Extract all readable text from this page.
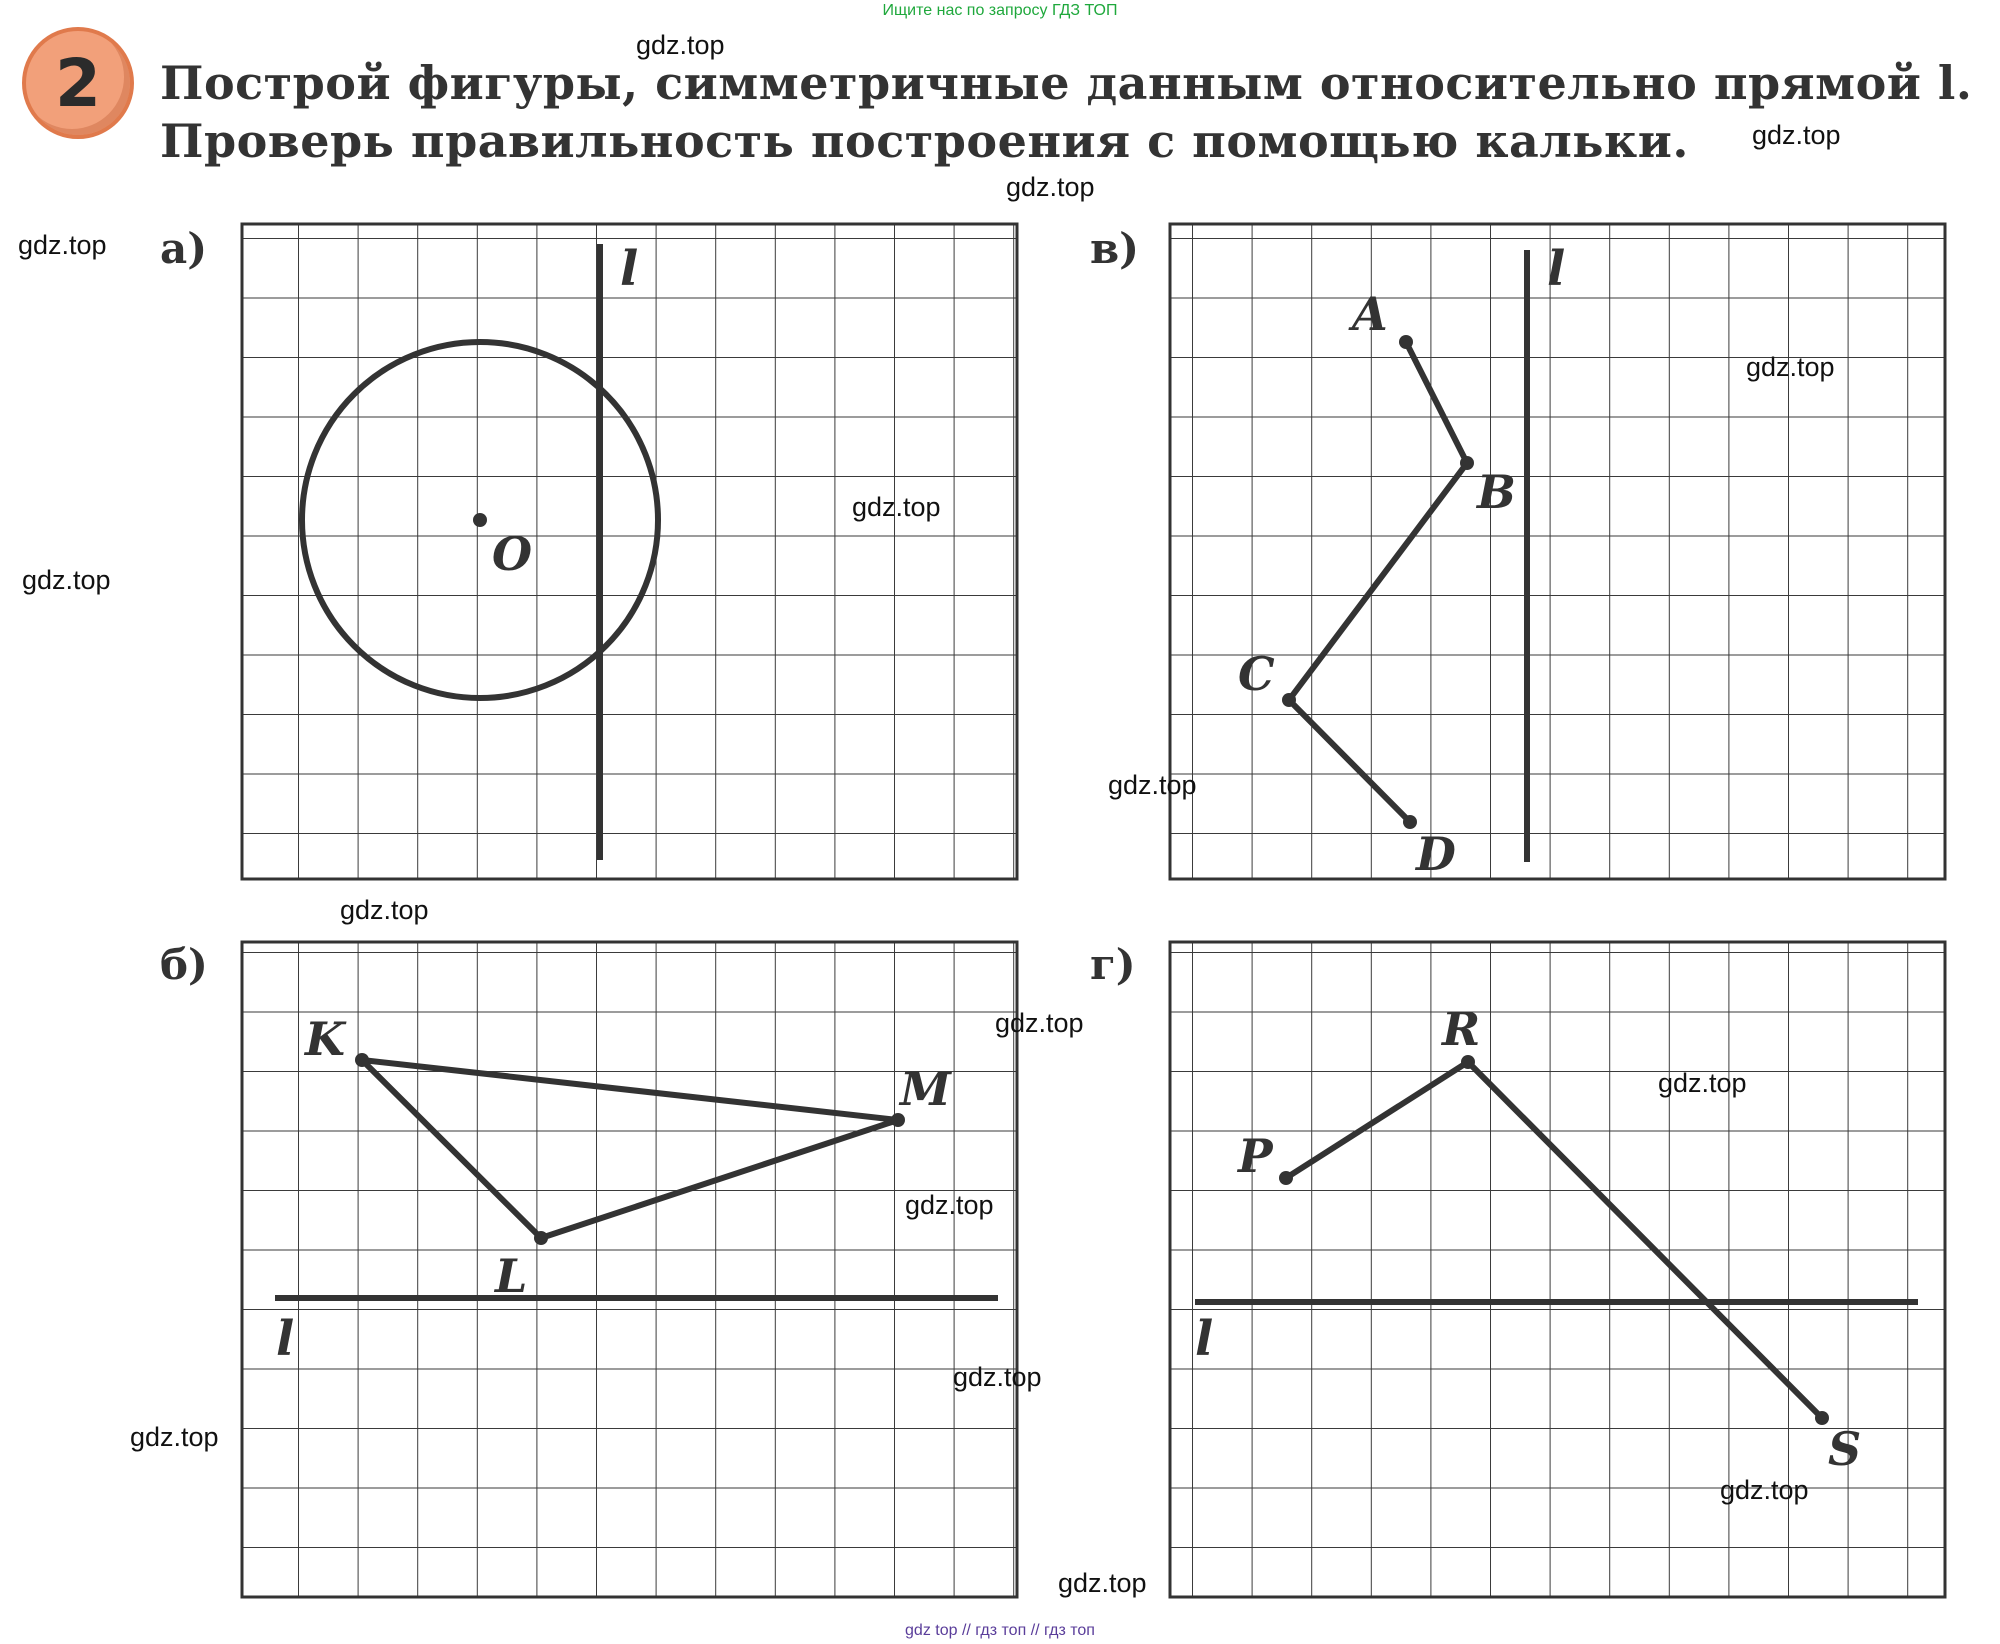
Ищите нас по запросу ГДЗ ТОП
2	Построй фигуры, симметричные данным относительно прямой l.
Проверь правильность построения с помощью кальки.
а)	в)
б)	г)
l
O
l
A
B
C
D
l
K
M
L
l
R
P
S
gdz.top
gdz.top
gdz.top
gdz.top
gdz.top
gdz.top
gdz.top
gdz.top
gdz.top
gdz.top
gdz.top
gdz.top
gdz.top
gdz.top
gdz.top
gdz.top
gdz top // гдз топ // гдз топ
